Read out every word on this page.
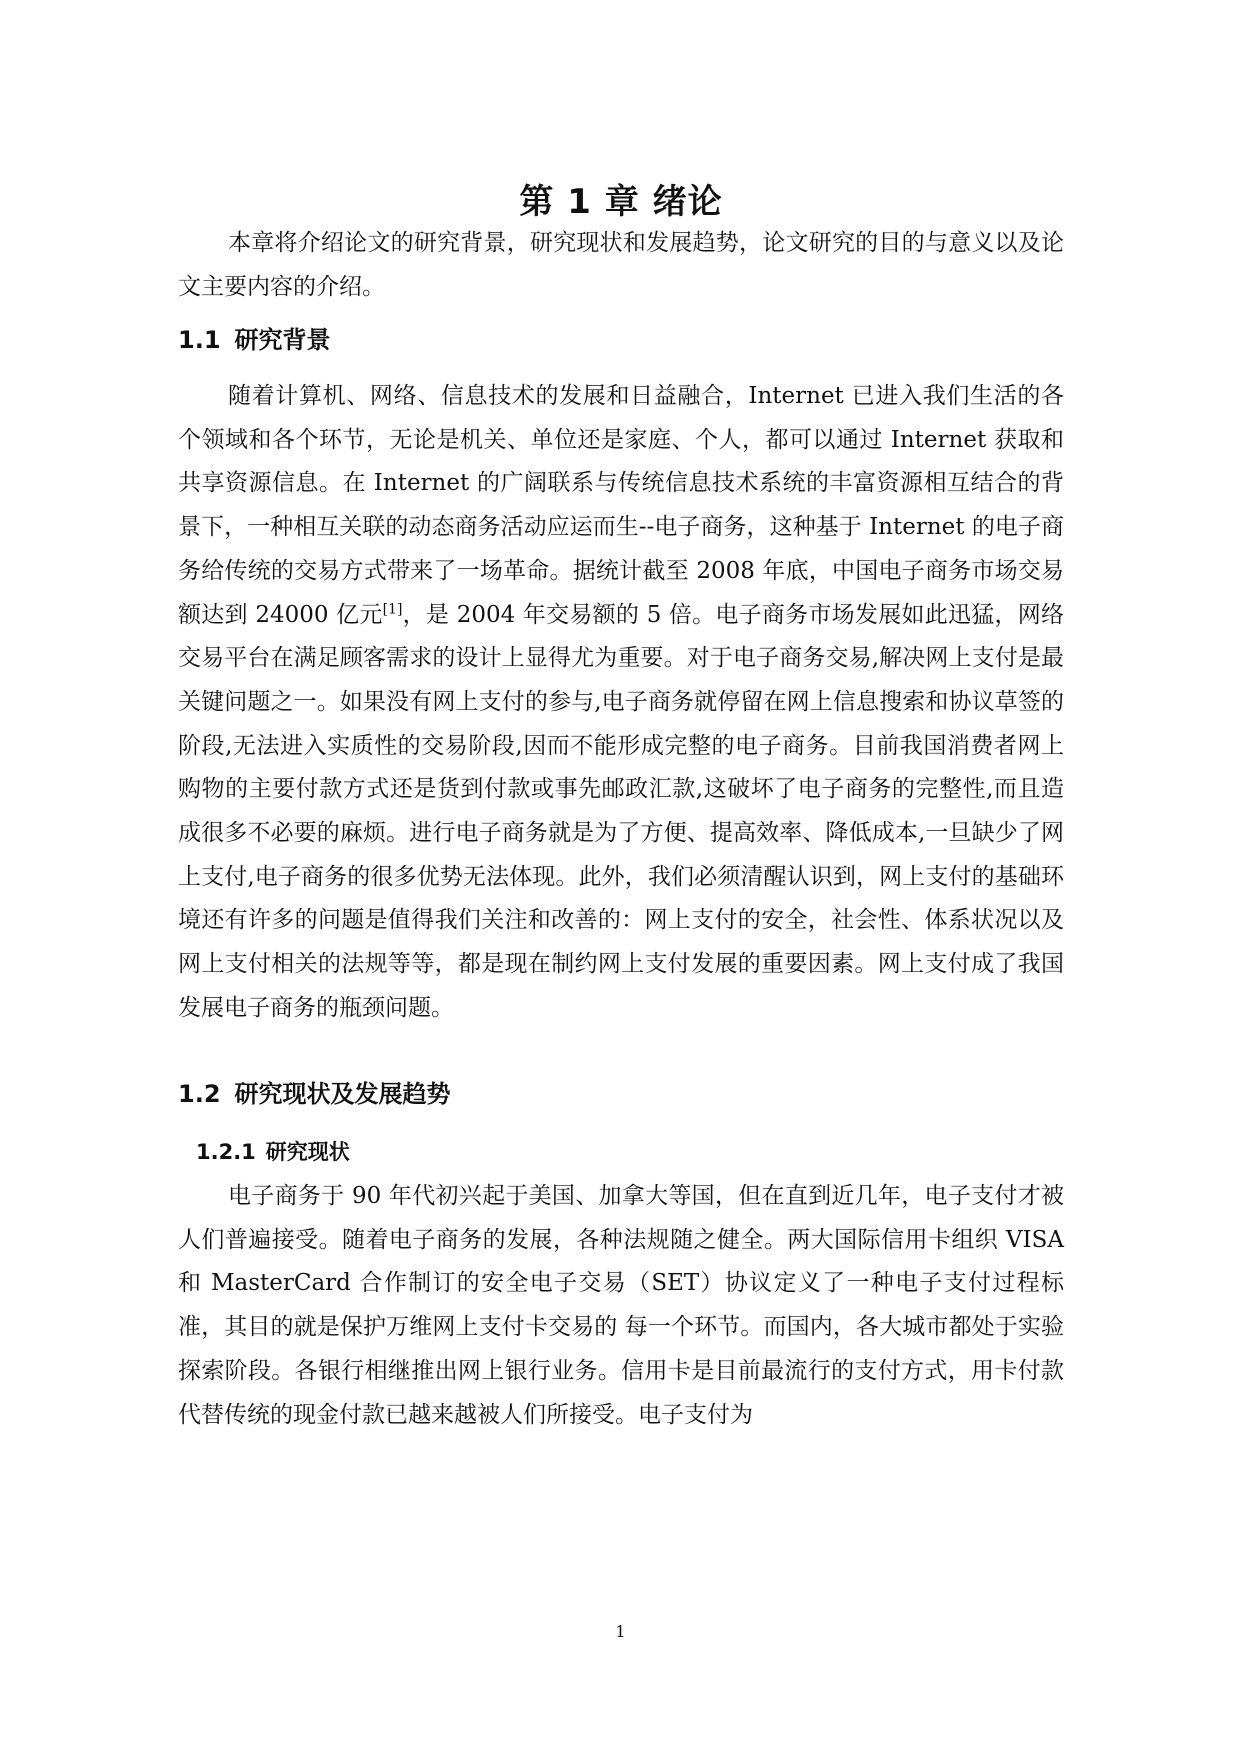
第 1 章 绪论

本章将介绍论文的研究背景，研究现状和发展趋势，论文研究的目的与意义以及论文主要内容的介绍。

1.1 研究背景

随着计算机、网络、信息技术的发展和日益融合，Internet 已进入我们生活的各个领域和各个环节，无论是机关、单位还是家庭、个人，都可以通过 Internet 获取和共享资源信息。在 Internet 的广阔联系与传统信息技术系统的丰富资源相互结合的背景下，一种相互关联的动态商务活动应运而生--电子商务，这种基于 Internet 的电子商务给传统的交易方式带来了一场革命。据统计截至 2008 年底，中国电子商务市场交易额达到 24000 亿元[1]，是 2004 年交易额的 5 倍。电子商务市场发展如此迅猛，网络交易平台在满足顾客需求的设计上显得尤为重要。对于电子商务交易,解决网上支付是最关键问题之一。如果没有网上支付的参与,电子商务就停留在网上信息搜索和协议草签的阶段,无法进入实质性的交易阶段,因而不能形成完整的电子商务。目前我国消费者网上购物的主要付款方式还是货到付款或事先邮政汇款,这破坏了电子商务的完整性,而且造成很多不必要的麻烦。进行电子商务就是为了方便、提高效率、降低成本,一旦缺少了网上支付,电子商务的很多优势无法体现。此外，我们必须清醒认识到，网上支付的基础环境还有许多的问题是值得我们关注和改善的：网上支付的安全，社会性、体系状况以及网上支付相关的法规等等，都是现在制约网上支付发展的重要因素。网上支付成了我国发展电子商务的瓶颈问题。

1.2 研究现状及发展趋势
1.2.1 研究现状

电子商务于 90 年代初兴起于美国、加拿大等国，但在直到近几年，电子支付才被人们普遍接受。随着电子商务的发展，各种法规随之健全。两大国际信用卡组织 VISA 和 MasterCard 合作制订的安全电子交易（SET）协议定义了一种电子支付过程标准，其目的就是保护万维网上支付卡交易的 每一个环节。而国内，各大城市都处于实验探索阶段。各银行相继推出网上银行业务。信用卡是目前最流行的支付方式，用卡付款代替传统的现金付款已越来越被人们所接受。电子支付为

1
